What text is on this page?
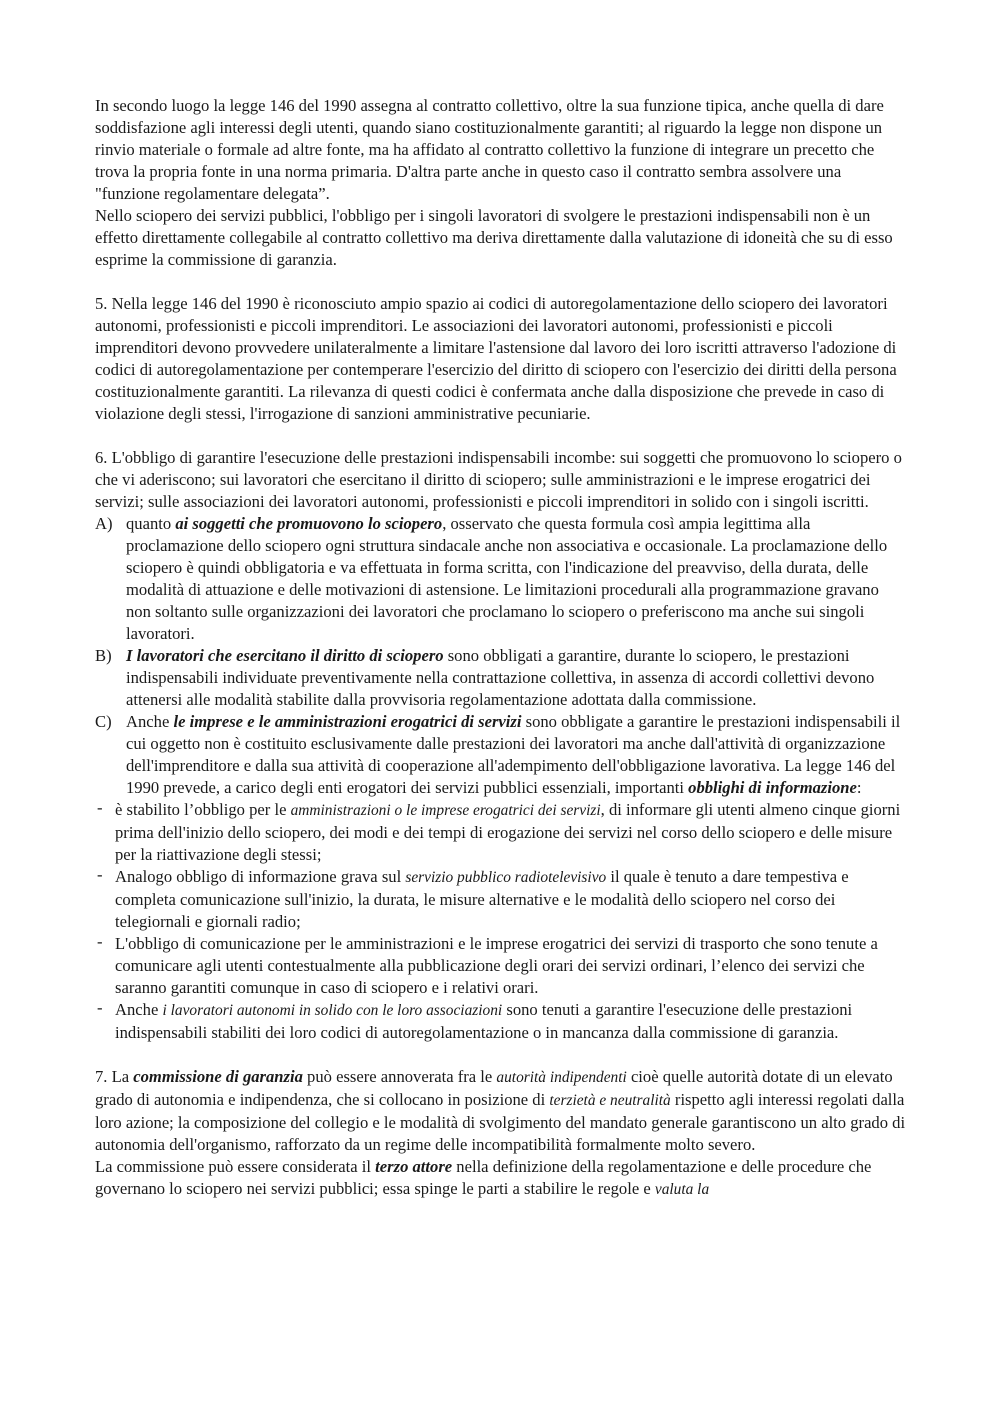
In secondo luogo la legge 146 del 1990 assegna al contratto collettivo, oltre la sua funzione tipica, anche quella di dare soddisfazione agli interessi degli utenti, quando siano costituzionalmente garantiti; al riguardo la legge non dispone un rinvio materiale o formale ad altre fonte, ma ha affidato al contratto collettivo la funzione di integrare un precetto che trova la propria fonte in una norma primaria. D'altra parte anche in questo caso il contratto sembra assolvere una "funzione regolamentare delegata”.

Nello sciopero dei servizi pubblici, l'obbligo per i singoli lavoratori di svolgere le prestazioni indispensabili non è un effetto direttamente collegabile al contratto collettivo ma deriva direttamente dalla valutazione di idoneità che su di esso esprime la commissione di garanzia.

5. Nella legge 146 del 1990 è riconosciuto ampio spazio ai codici di autoregolamentazione dello sciopero dei lavoratori autonomi, professionisti e piccoli imprenditori. Le associazioni dei lavoratori autonomi, professionisti e piccoli imprenditori devono provvedere unilateralmente a limitare l'astensione dal lavoro dei loro iscritti attraverso l'adozione di codici di autoregolamentazione per contemperare l'esercizio del diritto di sciopero con l'esercizio dei diritti della persona costituzionalmente garantiti. La rilevanza di questi codici è confermata anche dalla disposizione che prevede in caso di violazione degli stessi, l'irrogazione di sanzioni amministrative pecuniarie.

6. L'obbligo di garantire l'esecuzione delle prestazioni indispensabili incombe: sui soggetti che promuovono lo sciopero o che vi aderiscono; sui lavoratori che esercitano il diritto di sciopero; sulle amministrazioni e le imprese erogatrici dei servizi; sulle associazioni dei lavoratori autonomi, professionisti e piccoli imprenditori in solido con i singoli iscritti.

A) quanto ai soggetti che promuovono lo sciopero, osservato che questa formula così ampia legittima alla proclamazione dello sciopero ogni struttura sindacale anche non associativa e occasionale. La proclamazione dello sciopero è quindi obbligatoria e va effettuata in forma scritta, con l'indicazione del preavviso, della durata, delle modalità di attuazione e delle motivazioni di astensione. Le limitazioni procedurali alla programmazione gravano non soltanto sulle organizzazioni dei lavoratori che proclamano lo sciopero o preferiscono ma anche sui singoli lavoratori.
B) I lavoratori che esercitano il diritto di sciopero sono obbligati a garantire, durante lo sciopero, le prestazioni indispensabili individuate preventivamente nella contrattazione collettiva, in assenza di accordi collettivi devono attenersi alle modalità stabilite dalla provvisoria regolamentazione adottata dalla commissione.
C) Anche le imprese e le amministrazioni erogatrici di servizi sono obbligate a garantire le prestazioni indispensabili il cui oggetto non è costituito esclusivamente dalle prestazioni dei lavoratori ma anche dall'attività di organizzazione dell'imprenditore e dalla sua attività di cooperazione all'adempimento dell'obbligazione lavorativa. La legge 146 del 1990 prevede, a carico degli enti erogatori dei servizi pubblici essenziali, importanti obblighi di informazione:
- è stabilito l’obbligo per le amministrazioni o le imprese erogatrici dei servizi, di informare gli utenti almeno cinque giorni prima dell'inizio dello sciopero, dei modi e dei tempi di erogazione dei servizi nel corso dello sciopero e delle misure per la riattivazione degli stessi;
- Analogo obbligo di informazione grava sul servizio pubblico radiotelevisivo il quale è tenuto a dare tempestiva e completa comunicazione sull'inizio, la durata, le misure alternative e le modalità dello sciopero nel corso dei telegiornali e giornali radio;
- L'obbligo di comunicazione per le amministrazioni e le imprese erogatrici dei servizi di trasporto che sono tenute a comunicare agli utenti contestualmente alla pubblicazione degli orari dei servizi ordinari, l’elenco dei servizi che saranno garantiti comunque in caso di sciopero e i relativi orari.
- Anche i lavoratori autonomi in solido con le loro associazioni sono tenuti a garantire l'esecuzione delle prestazioni indispensabili stabiliti dei loro codici di autoregolamentazione o in mancanza dalla commissione di garanzia.

7. La commissione di garanzia può essere annoverata fra le autorità indipendenti cioè quelle autorità dotate di un elevato grado di autonomia e indipendenza, che si collocano in posizione di terzietà e neutralità rispetto agli interessi regolati dalla loro azione; la composizione del collegio e le modalità di svolgimento del mandato generale garantiscono un alto grado di autonomia dell'organismo, rafforzato da un regime delle incompatibilità formalmente molto severo.

La commissione può essere considerata il terzo attore nella definizione della regolamentazione e delle procedure che governano lo sciopero nei servizi pubblici; essa spinge le parti a stabilire le regole e valuta la
